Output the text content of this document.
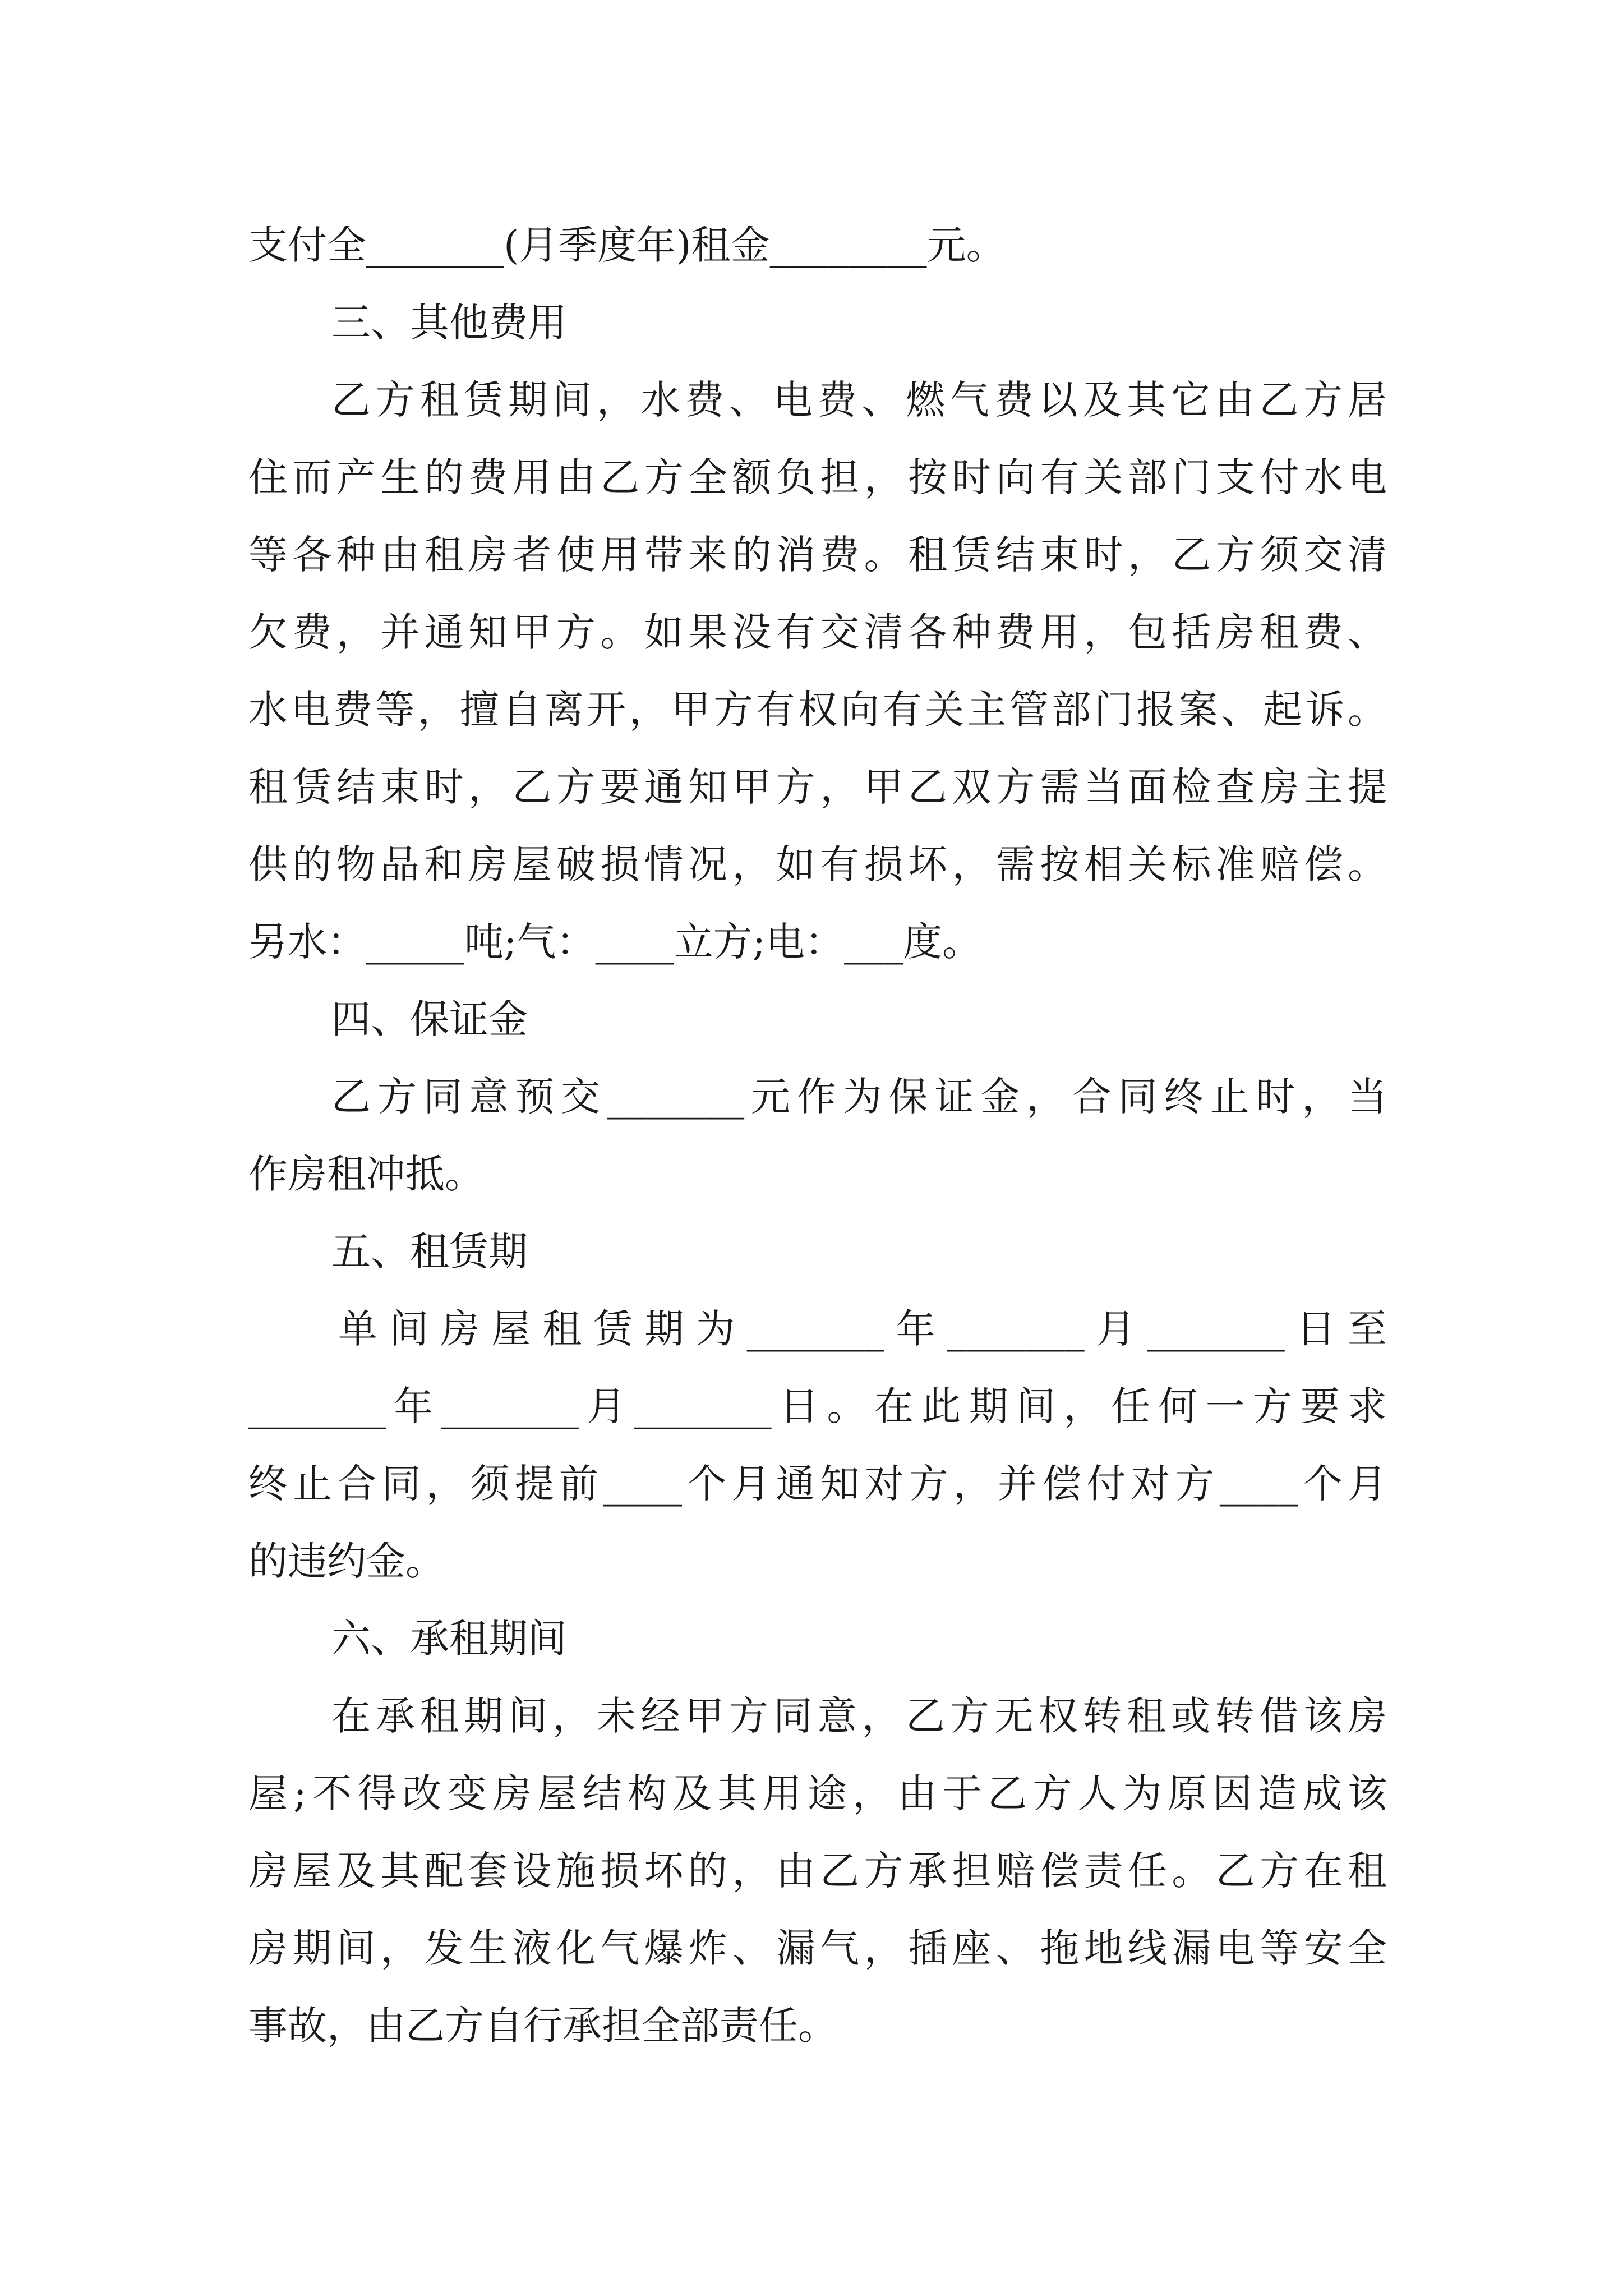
支付全_______(月季度年)租金________元。
三、其他费用
乙方租赁期间，水费、电费、燃气费以及其它由乙方居
住而产生的费用由乙方全额负担，按时向有关部门支付水电
等各种由租房者使用带来的消费。租赁结束时，乙方须交清
欠费，并通知甲方。如果没有交清各种费用，包括房租费、
水电费等，擅自离开，甲方有权向有关主管部门报案、起诉。
租赁结束时，乙方要通知甲方，甲乙双方需当面检查房主提
供的物品和房屋破损情况，如有损坏，需按相关标准赔偿。
另水：_____吨;气：____立方;电：___度。
四、保证金
乙方同意预交_______元作为保证金，合同终止时，当
作房租冲抵。
五、租赁期
单间房屋租赁期为_______年_______月_______日至
_______年_______月_______日。在此期间，任何一方要求
终止合同，须提前____个月通知对方，并偿付对方____个月
的违约金。
六、承租期间
在承租期间，未经甲方同意，乙方无权转租或转借该房
屋;不得改变房屋结构及其用途，由于乙方人为原因造成该
房屋及其配套设施损坏的，由乙方承担赔偿责任。乙方在租
房期间，发生液化气爆炸、漏气，插座、拖地线漏电等安全
事故，由乙方自行承担全部责任。
